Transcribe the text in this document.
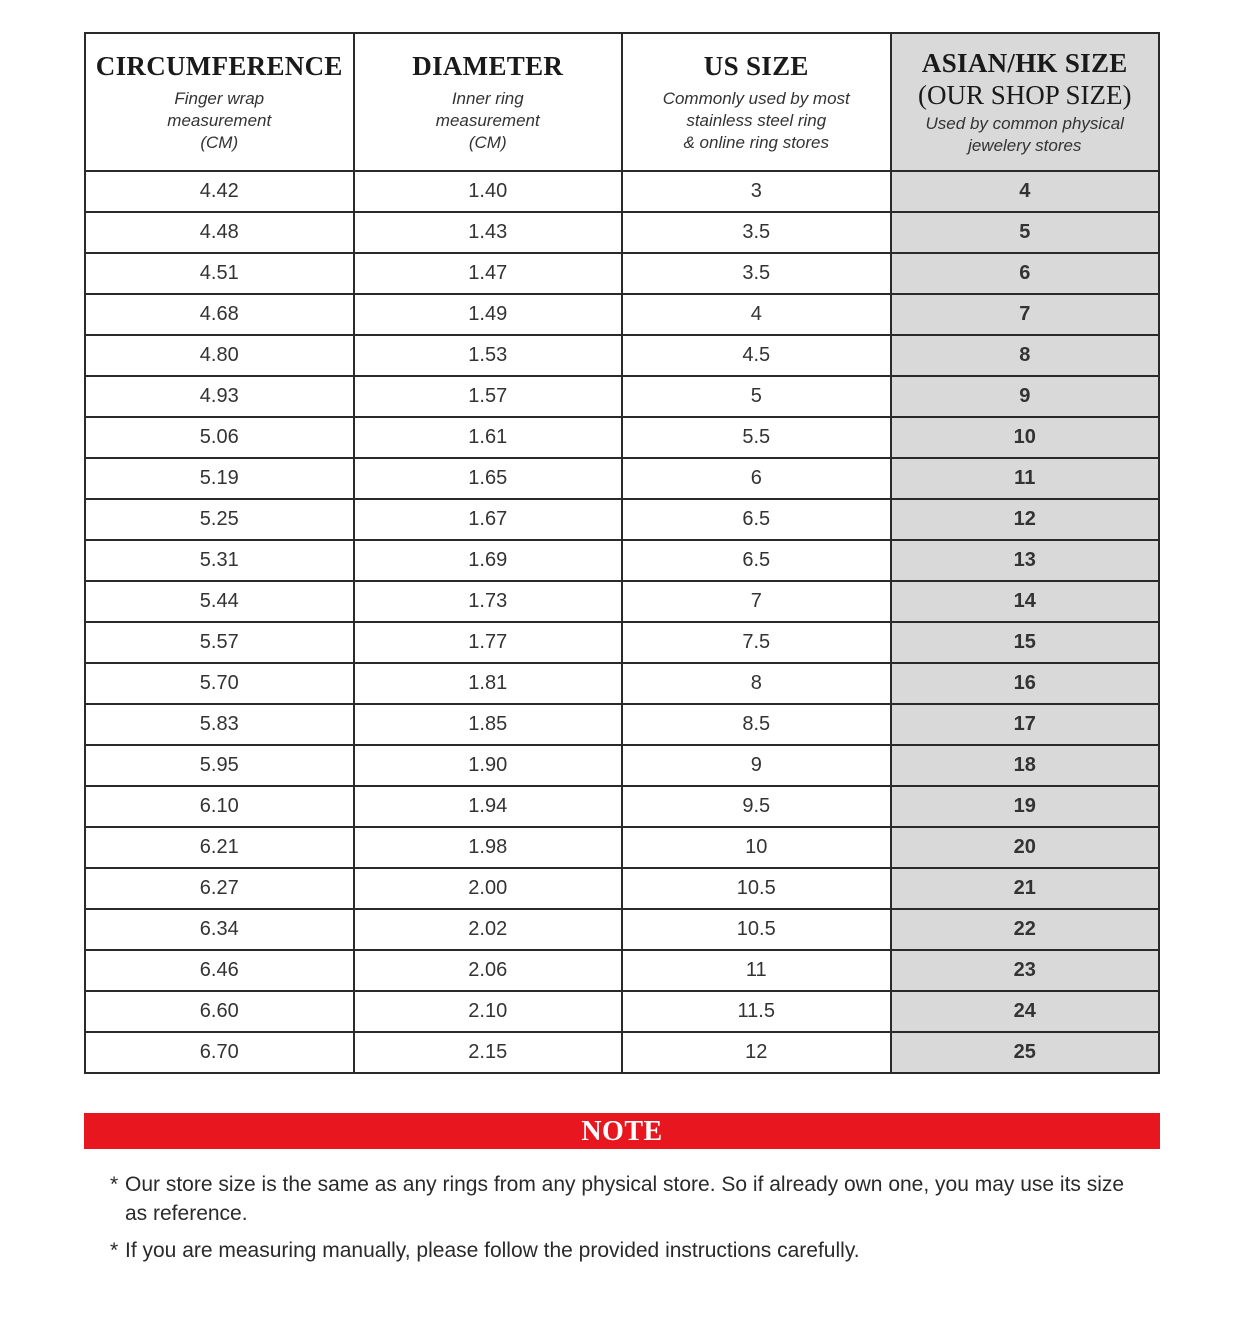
CIRCUMFERENCE
Finger wrap
measurement
(CM)	DIAMETER
Inner ring
measurement
(CM)	US SIZE
Commonly used by most
stainless steel ring
& online ring stores	ASIAN/HK SIZE
(OUR SHOP SIZE)
Used by common physical
jewelery stores

4.42	1.40	3	4
4.48	1.43	3.5	5
4.51	1.47	3.5	6
4.68	1.49	4	7
4.80	1.53	4.5	8
4.93	1.57	5	9
5.06	1.61	5.5	10
5.19	1.65	6	11
5.25	1.67	6.5	12
5.31	1.69	6.5	13
5.44	1.73	7	14
5.57	1.77	7.5	15
5.70	1.81	8	16
5.83	1.85	8.5	17
5.95	1.90	9	18
6.10	1.94	9.5	19
6.21	1.98	10	20
6.27	2.00	10.5	21
6.34	2.02	10.5	22
6.46	2.06	11	23
6.60	2.10	11.5	24
6.70	2.15	12	25
NOTE
* Our store size is the same as any rings from any physical store. So if already own one, you may use its size as reference.
* If you are measuring manually, please follow the provided instructions carefully.
